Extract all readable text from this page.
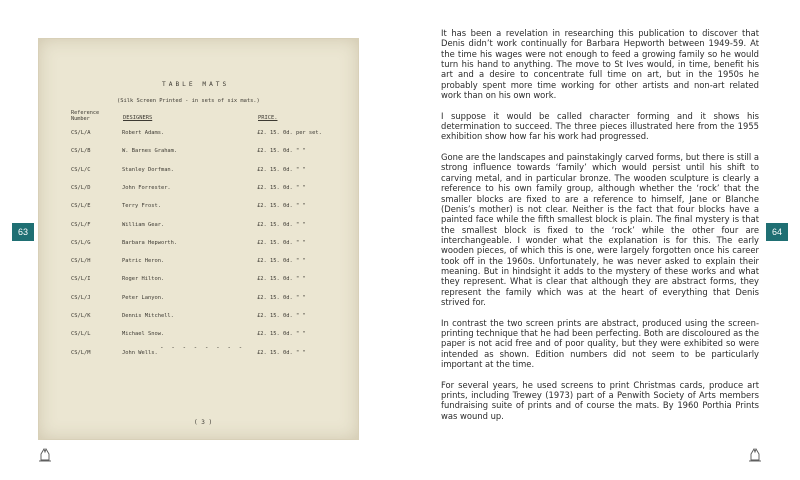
63	64
TABLE MATS
(Silk Screen Printed - in sets of six mats.)
Reference Number	DESIGNERS	PRICE.
CS/L/A	Robert Adams.	£2. 15. 0d. per set.
CS/L/B	W. Barnes Graham.	£2. 15. 0d. " "
CS/L/C	Stanley Dorfman.	£2. 15. 0d. " "
CS/L/D	John Forrester.	£2. 15. 0d. " "
CS/L/E	Terry Frost.	£2. 15. 0d. " "
CS/L/F	William Gear.	£2. 15. 0d. " "
CS/L/G	Barbara Hepworth.	£2. 15. 0d. " "
CS/L/H	Patric Heron.	£2. 15. 0d. " "
CS/L/I	Roger Hilton.	£2. 15. 0d. " "
CS/L/J	Peter Lanyon.	£2. 15. 0d. " "
CS/L/K	Dennis Mitchell.	£2. 15. 0d. " "
CS/L/L	Michael Snow.	£2. 15. 0d. " "
CS/L/M	John Wells.	£2. 15. 0d. " "
- - - - - - - -
( 3 )

It has been a revelation in researching this publication to discover that Denis didn’t work continually for Barbara Hepworth between 1949-59. At the time his wages were not enough to feed a growing family so he would turn his hand to anything. The move to St Ives would, in time, benefit his art and a desire to concentrate full time on art, but in the 1950s he probably spent more time working for other artists and non-art related work than on his own work.

I suppose it would be called character forming and it shows his determination to succeed. The three pieces illustrated here from the 1955 exhibition show how far his work had progressed.

Gone are the landscapes and painstakingly carved forms, but there is still a strong influence towards ‘family’ which would persist until his shift to carving metal, and in particular bronze. The wooden sculpture is clearly a reference to his own family group, although whether the ‘rock’ that the smaller blocks are fixed to are a reference to himself, Jane or Blanche (Denis’s mother) is not clear. Neither is the fact that four blocks have a painted face while the fifth smallest block is plain. The final mystery is that the smallest block is fixed to the ‘rock’ while the other four are interchangeable. I wonder what the explanation is for this. The early wooden pieces, of which this is one, were largely forgotten once his career took off in the 1960s. Unfortunately, he was never asked to explain their meaning. But in hindsight it adds to the mystery of these works and what they represent. What is clear that although they are abstract forms, they represent the family which was at the heart of everything that Denis strived for.

In contrast the two screen prints are abstract, produced using the screen-printing technique that he had been perfecting. Both are discoloured as the paper is not acid free and of poor quality, but they were exhibited so were intended as shown. Edition numbers did not seem to be particularly important at the time.

For several years, he used screens to print Christmas cards, produce art prints, including Trewey (1973) part of a Penwith Society of Arts members fundraising suite of prints and of course the mats. By 1960 Porthia Prints was wound up.
